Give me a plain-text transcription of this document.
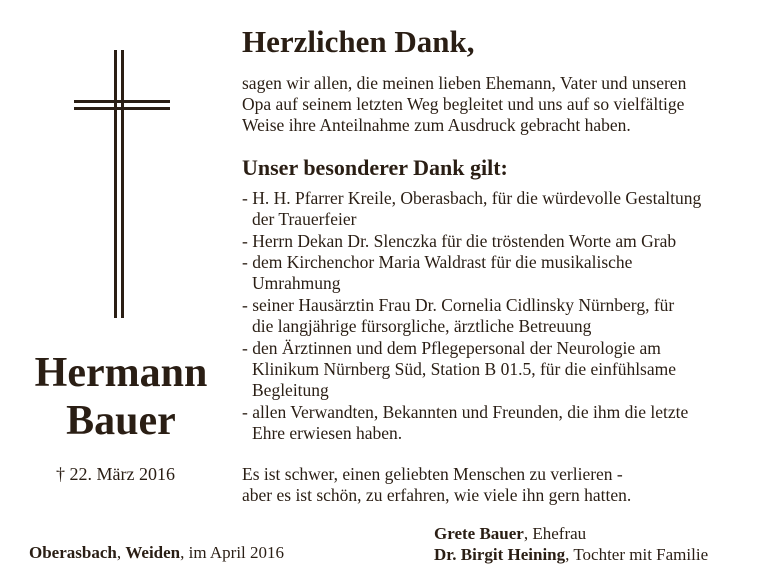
Hermann
Bauer
† 22. März 2016
Oberasbach, Weiden, im April 2016
Herzlichen Dank,
sagen wir allen, die meinen lieben Ehemann, Vater und unseren
Opa auf seinem letzten Weg begleitet und uns auf so vielfältige
Weise ihre Anteilnahme zum Ausdruck gebracht haben.
Unser besonderer Dank gilt:
- H. H. Pfarrer Kreile, Oberasbach, für die würdevolle Gestaltung
der Trauerfeier
- Herrn Dekan Dr. Slenczka für die tröstenden Worte am Grab
- dem Kirchenchor Maria Waldrast für die musikalische
Umrahmung
- seiner Hausärztin Frau Dr. Cornelia Cidlinsky Nürnberg, für
die langjährige fürsorgliche, ärztliche Betreuung
- den Ärztinnen und dem Pflegepersonal der Neurologie am
Klinikum Nürnberg Süd, Station B 01.5, für die einfühlsame
Begleitung
- allen Verwandten, Bekannten und Freunden, die ihm die letzte
Ehre erwiesen haben.
Es ist schwer, einen geliebten Menschen zu verlieren -
aber es ist schön, zu erfahren, wie viele ihn gern hatten.
Grete Bauer, Ehefrau
Dr. Birgit Heining, Tochter mit Familie
